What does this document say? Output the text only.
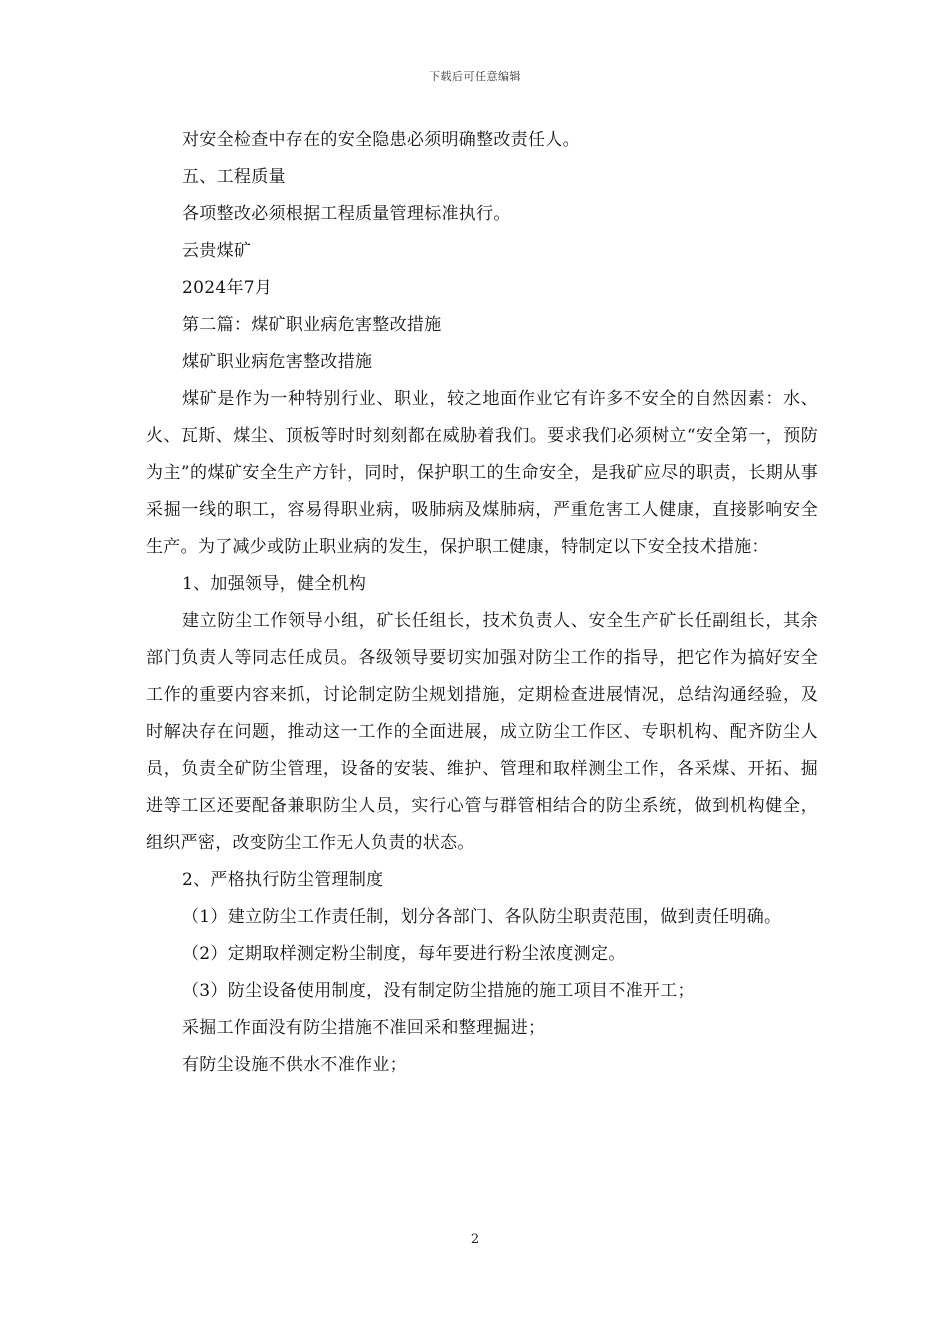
下载后可任意编辑

对安全检查中存在的安全隐患必须明确整改责任人。

五、工程质量

各项整改必须根据工程质量管理标准执行。

云贵煤矿

2024年7月

第二篇：煤矿职业病危害整改措施

煤矿职业病危害整改措施

煤矿是作为一种特别行业、职业，较之地面作业它有许多不安全的自然因素：水、火、瓦斯、煤尘、顶板等时时刻刻都在威胁着我们。要求我们必须树立“安全第一，预防为主”的煤矿安全生产方针，同时，保护职工的生命安全，是我矿应尽的职责，长期从事采掘一线的职工，容易得职业病，吸肺病及煤肺病，严重危害工人健康，直接影响安全生产。为了减少或防止职业病的发生，保护职工健康，特制定以下安全技术措施：

1、加强领导，健全机构

建立防尘工作领导小组，矿长任组长，技术负责人、安全生产矿长任副组长，其余部门负责人等同志任成员。各级领导要切实加强对防尘工作的指导，把它作为搞好安全工作的重要内容来抓，讨论制定防尘规划措施，定期检查进展情况，总结沟通经验，及时解决存在问题，推动这一工作的全面进展，成立防尘工作区、专职机构、配齐防尘人员，负责全矿防尘管理，设备的安装、维护、管理和取样测尘工作，各采煤、开拓、掘进等工区还要配备兼职防尘人员，实行心管与群管相结合的防尘系统，做到机构健全，组织严密，改变防尘工作无人负责的状态。

2、严格执行防尘管理制度

（1）建立防尘工作责任制，划分各部门、各队防尘职责范围，做到责任明确。

（2）定期取样测定粉尘制度，每年要进行粉尘浓度测定。

（3）防尘设备使用制度，没有制定防尘措施的施工项目不准开工；

采掘工作面没有防尘措施不准回采和整理掘进；

有防尘设施不供水不准作业；

2
